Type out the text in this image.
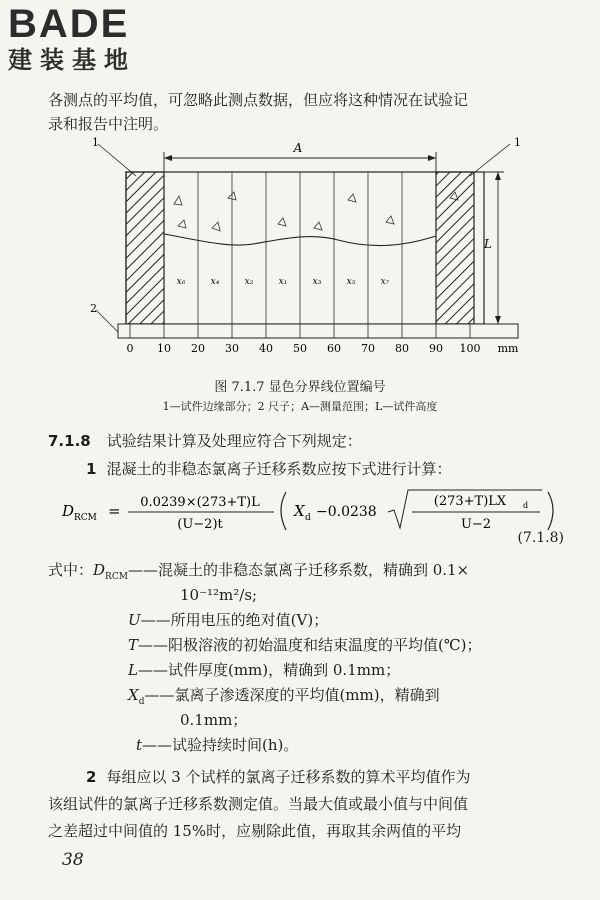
BADE
建装基地
各测点的平均值，可忽略此测点数据，但应将这种情况在试验记
录和报告中注明。
A
L
1	1
2
x₆	x₄	x₂	x₁	x₃	x₅	x₇
0 10 20 30 40 50 60 70 80 90 100 mm
图 7.1.7 显色分界线位置编号
1—试件边缘部分；2 尺子；A—测量范围；L—试件高度
7.1.8 试验结果计算及处理应符合下列规定：
1 混凝土的非稳态氯离子迁移系数应按下式进行计算：
D RCM = 0.0239×(273+T)L
(U−2)t
X d −0.0238
(273+T)LX d
U−2
(7.1.8)
式中：$D_{RCM}——$混凝土的非稳态氯离子迁移系数，精确到 0.1×
10⁻¹²m²/s;
U——所用电压的绝对值(V)；
T——阳极溶液的初始温度和结束温度的平均值(℃)；
L——试件厚度(mm)，精确到 0.1mm；
$X_d——$氯离子渗透深度的平均值(mm)，精确到
0.1mm；
t——试验持续时间(h)。
2 每组应以 3 个试样的氯离子迁移系数的算术平均值作为
该组试件的氯离子迁移系数测定值。当最大值或最小值与中间值
之差超过中间值的 15%时，应剔除此值，再取其余两值的平均
38
